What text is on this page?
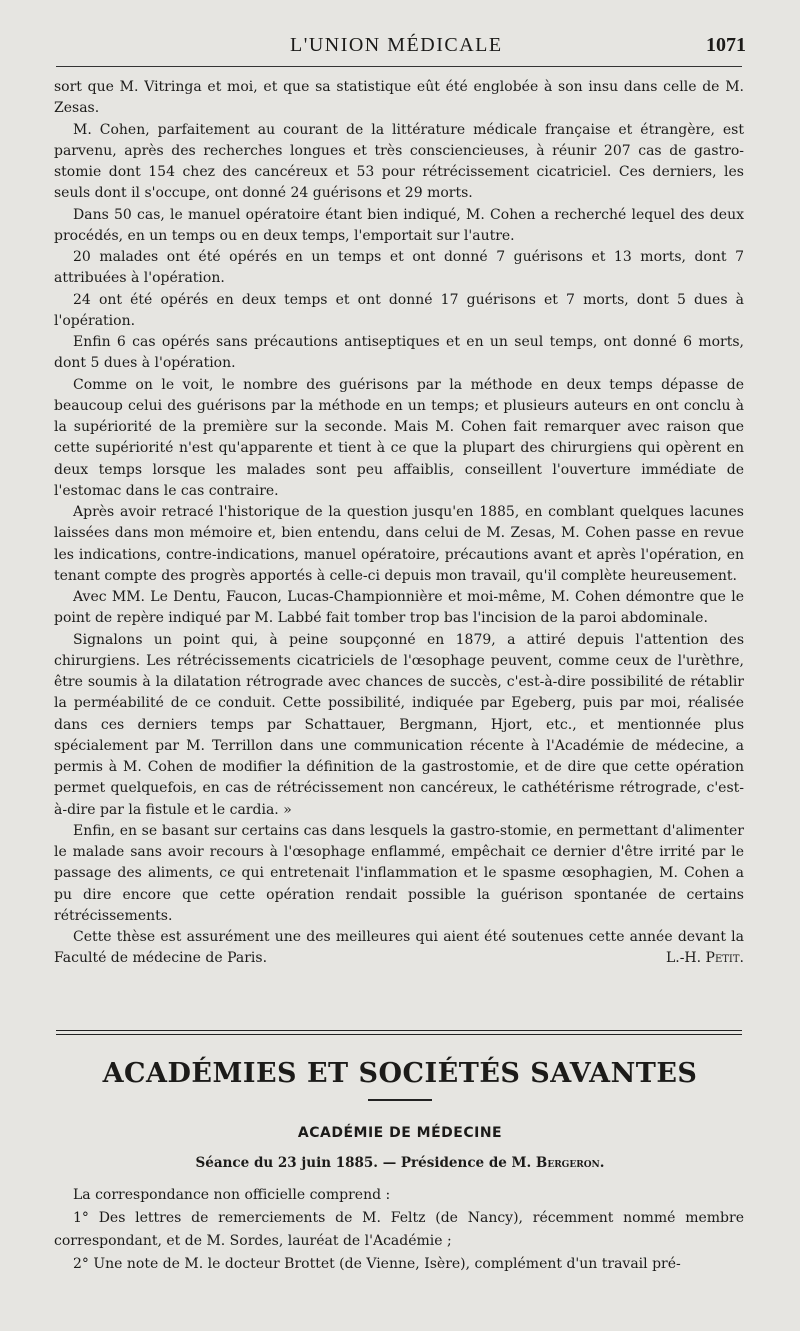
L'UNION MÉDICALE	1071

sort que M. Vitringa et moi, et que sa statistique eût été englobée à son insu dans celle de M. Zesas.

M. Cohen, parfaitement au courant de la littérature médicale française et étrangère, est parvenu, après des recherches longues et très consciencieuses, à réunir 207 cas de gastro-stomie dont 154 chez des cancéreux et 53 pour rétrécissement cicatriciel. Ces derniers, les seuls dont il s'occupe, ont donné 24 guérisons et 29 morts.

Dans 50 cas, le manuel opératoire étant bien indiqué, M. Cohen a recherché lequel des deux procédés, en un temps ou en deux temps, l'emportait sur l'autre.

20 malades ont été opérés en un temps et ont donné 7 guérisons et 13 morts, dont 7 attribuées à l'opération.

24 ont été opérés en deux temps et ont donné 17 guérisons et 7 morts, dont 5 dues à l'opération.

Enfin 6 cas opérés sans précautions antiseptiques et en un seul temps, ont donné 6 morts, dont 5 dues à l'opération.

Comme on le voit, le nombre des guérisons par la méthode en deux temps dépasse de beaucoup celui des guérisons par la méthode en un temps; et plusieurs auteurs en ont conclu à la supériorité de la première sur la seconde. Mais M. Cohen fait remarquer avec raison que cette supériorité n'est qu'apparente et tient à ce que la plupart des chirurgiens qui opèrent en deux temps lorsque les malades sont peu affaiblis, conseillent l'ouverture immédiate de l'estomac dans le cas contraire.

Après avoir retracé l'historique de la question jusqu'en 1885, en comblant quelques lacunes laissées dans mon mémoire et, bien entendu, dans celui de M. Zesas, M. Cohen passe en revue les indications, contre-indications, manuel opératoire, précautions avant et après l'opération, en tenant compte des progrès apportés à celle-ci depuis mon travail, qu'il complète heureusement.

Avec MM. Le Dentu, Faucon, Lucas-Championnière et moi-même, M. Cohen démontre que le point de repère indiqué par M. Labbé fait tomber trop bas l'incision de la paroi abdominale.

Signalons un point qui, à peine soupçonné en 1879, a attiré depuis l'attention des chirurgiens. Les rétrécissements cicatriciels de l'œsophage peuvent, comme ceux de l'urèthre, être soumis à la dilatation rétrograde avec chances de succès, c'est-à-dire possibilité de rétablir la perméabilité de ce conduit. Cette possibilité, indiquée par Egeberg, puis par moi, réalisée dans ces derniers temps par Schattauer, Bergmann, Hjort, etc., et mentionnée plus spécialement par M. Terrillon dans une communication récente à l'Académie de médecine, a permis à M. Cohen de modifier la définition de la gastrostomie, et de dire que cette opération permet quelquefois, en cas de rétrécissement non cancéreux, le cathétérisme rétrograde, c'est-à-dire par la fistule et le cardia. »

Enfin, en se basant sur certains cas dans lesquels la gastro-stomie, en permettant d'alimenter le malade sans avoir recours à l'œsophage enflammé, empêchait ce dernier d'être irrité par le passage des aliments, ce qui entretenait l'inflammation et le spasme œsophagien, M. Cohen a pu dire encore que cette opération rendait possible la guérison spontanée de certains rétrécissements.

Cette thèse est assurément une des meilleures qui aient été soutenues cette année devant la Faculté de médecine de Paris.	L.-H. Petit.

ACADÉMIES ET SOCIÉTÉS SAVANTES
ACADÉMIE DE MÉDECINE
Séance du 23 juin 1885. — Présidence de M. Bergeron.

La correspondance non officielle comprend :

1° Des lettres de remerciements de M. Feltz (de Nancy), récemment nommé membre correspondant, et de M. Sordes, lauréat de l'Académie ;

2° Une note de M. le docteur Brottet (de Vienne, Isère), complément d'un travail pré-
